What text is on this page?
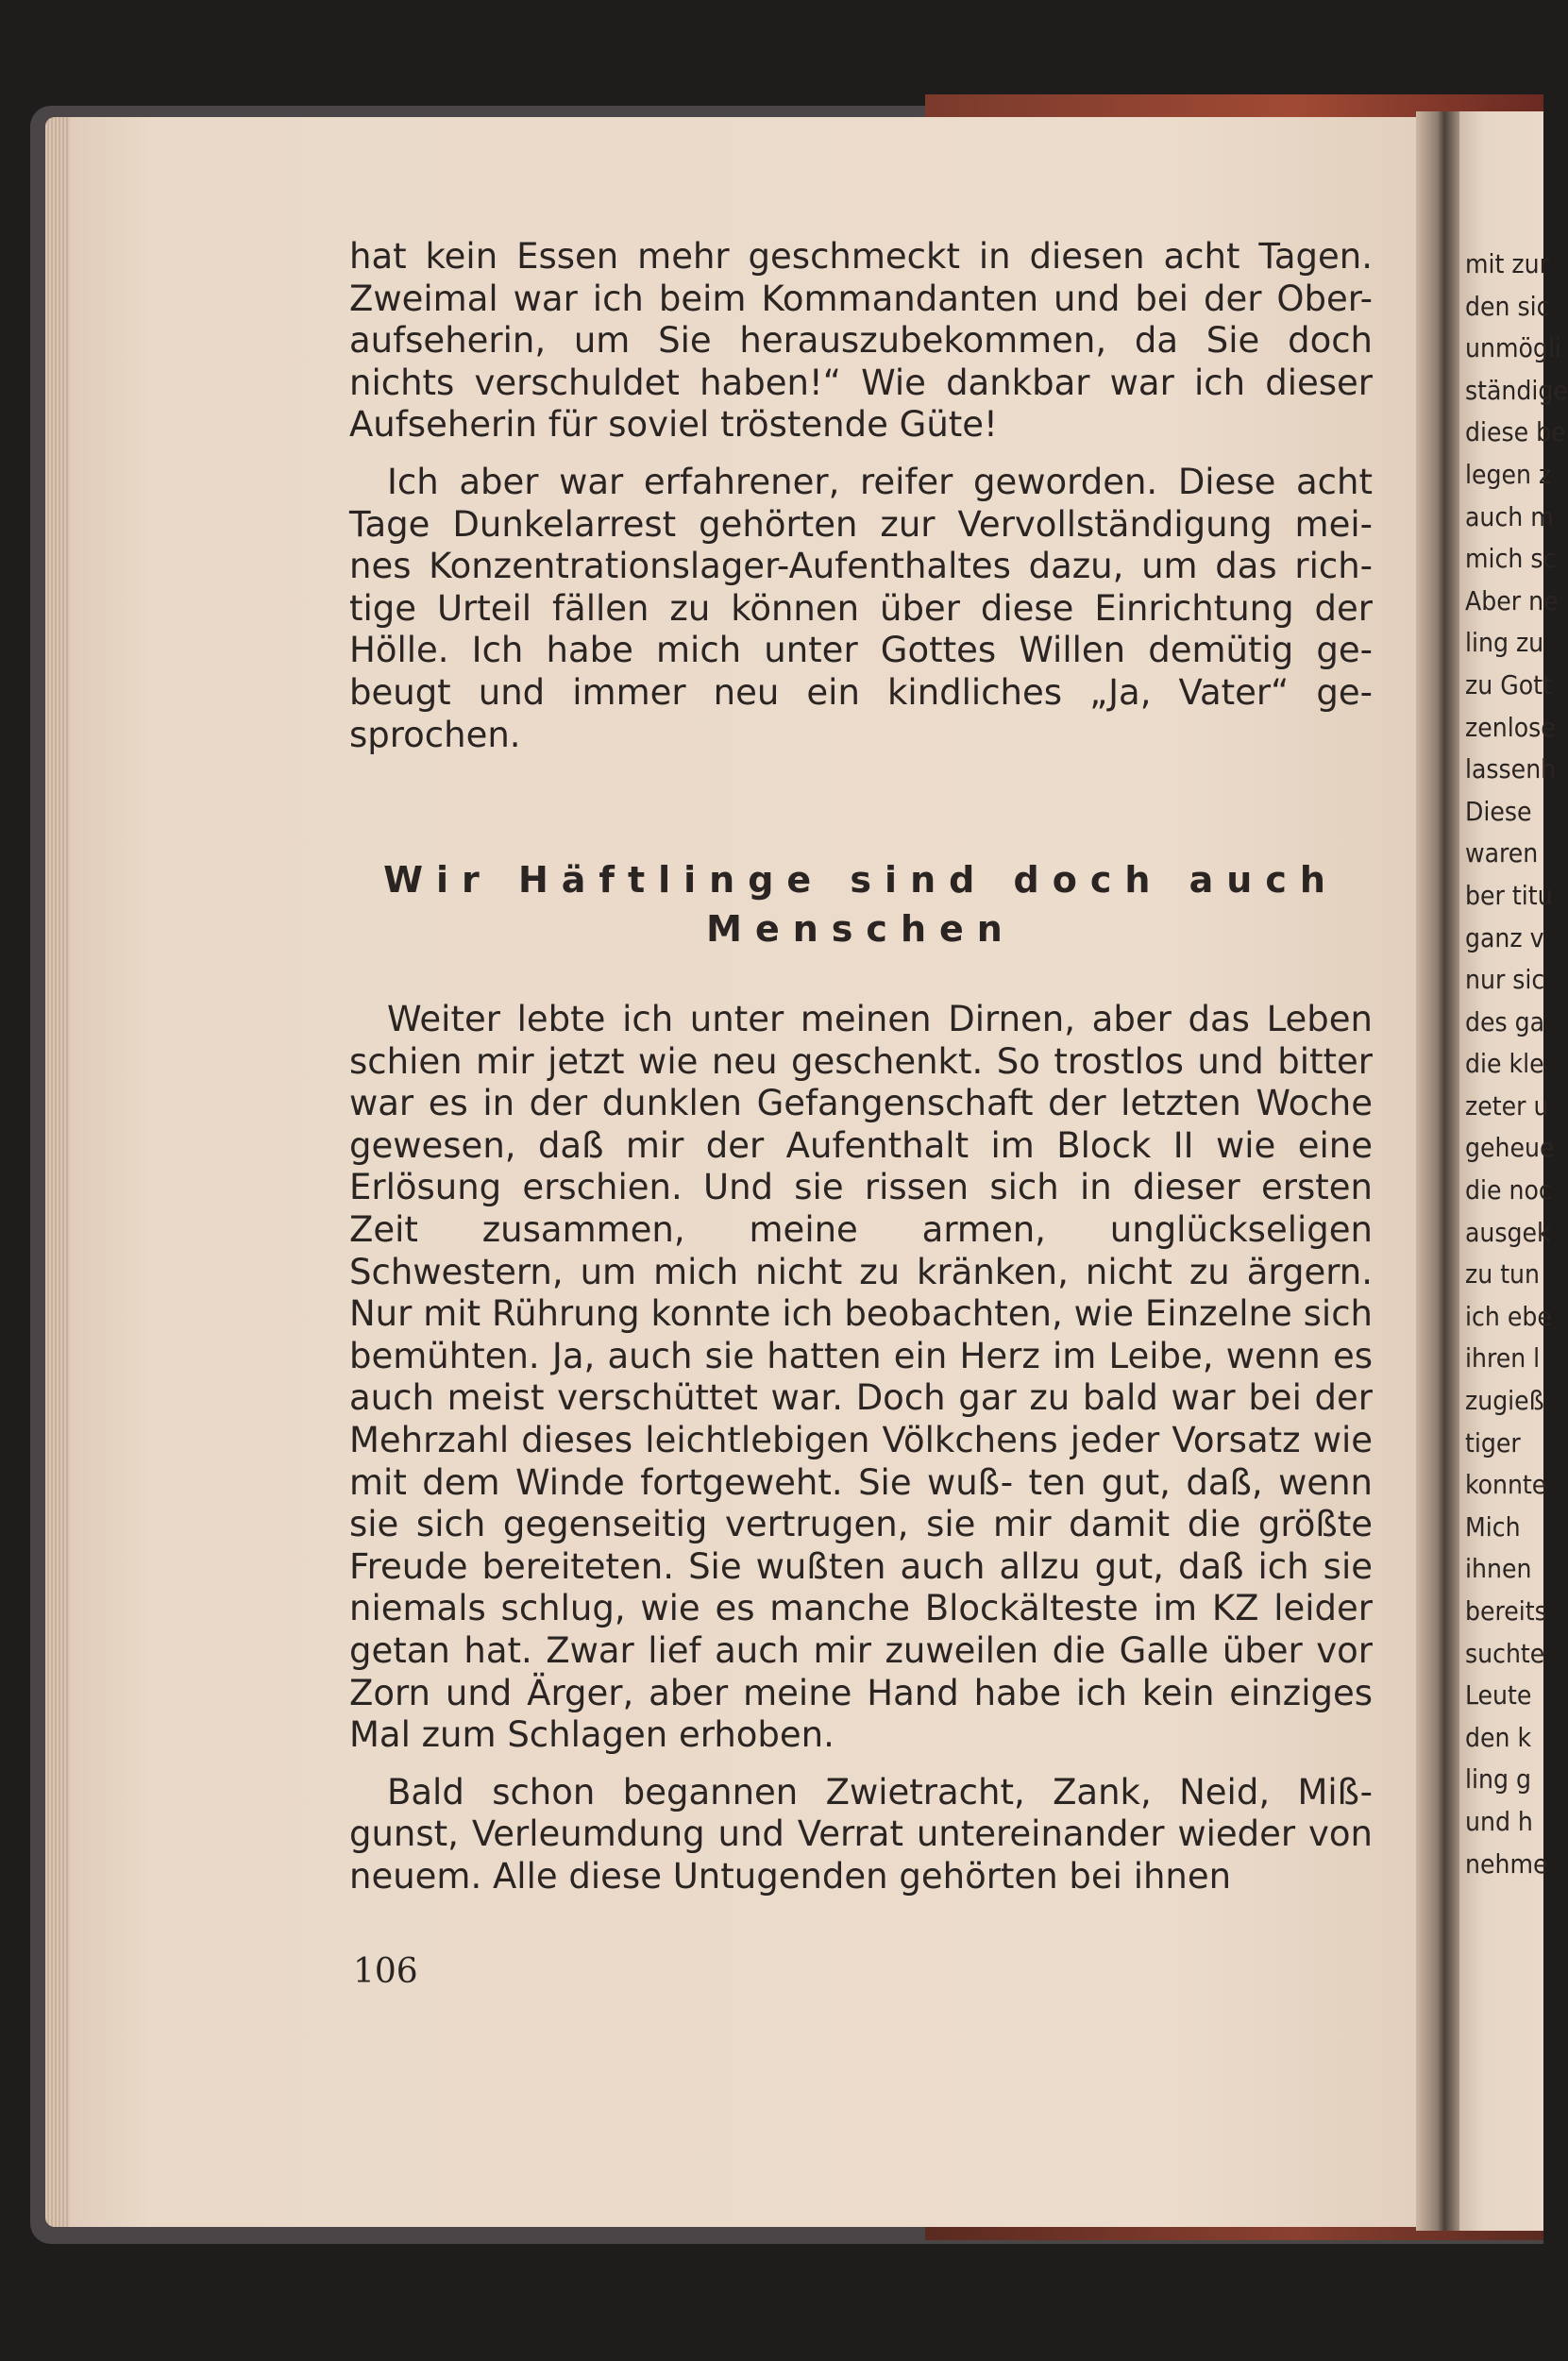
hat kein Essen mehr geschmeckt in diesen acht Tagen. Zweimal war ich beim Kommandanten und bei der Ober- aufseherin, um Sie herauszubekommen, da Sie doch nichts verschuldet haben!“ Wie dankbar war ich dieser Aufseherin für soviel tröstende Güte!

Ich aber war erfahrener, reifer geworden. Diese acht Tage Dunkelarrest gehörten zur Vervollständigung mei- nes Konzentrationslager-Aufenthaltes dazu, um das rich- tige Urteil fällen zu können über diese Einrichtung der Hölle. Ich habe mich unter Gottes Willen demütig ge- beugt und immer neu ein kindliches „Ja, Vater“ ge- sprochen.

Wir Häftlinge sind doch auch
Menschen

Weiter lebte ich unter meinen Dirnen, aber das Leben schien mir jetzt wie neu geschenkt. So trostlos und bitter war es in der dunklen Gefangenschaft der letzten Woche gewesen, daß mir der Aufenthalt im Block II wie eine Erlösung erschien. Und sie rissen sich in dieser ersten Zeit zusammen, meine armen, unglückseligen Schwestern, um mich nicht zu kränken, nicht zu ärgern. Nur mit Rührung konnte ich beobachten, wie Einzelne sich bemühten. Ja, auch sie hatten ein Herz im Leibe, wenn es auch meist verschüttet war. Doch gar zu bald war bei der Mehrzahl dieses leichtlebigen Völkchens jeder Vorsatz wie mit dem Winde fortgeweht. Sie wuß- ten gut, daß, wenn sie sich gegenseitig vertrugen, sie mir damit die größte Freude bereiteten. Sie wußten auch allzu gut, daß ich sie niemals schlug, wie es manche Blockälteste im KZ leider getan hat. Zwar lief auch mir zuweilen die Galle über vor Zorn und Ärger, aber meine Hand habe ich kein einziges Mal zum Schlagen erhoben.

Bald schon begannen Zwietracht, Zank, Neid, Miß- gunst, Verleumdung und Verrat untereinander wieder von neuem. Alle diese Untugenden gehörten bei ihnen

106
mit zur
den sic
unmögli
ständige
diese be
legen z
auch m
mich sc
Aber ne
ling zu
zu Gott
zenlose
lassenh
Diese
waren
ber titu
ganz v
nur sic
des ga
die kle
zeter u
geheue
die noc
ausgek
zu tun
ich ebe
ihren l
zugieß
tiger
konnte
Mich
ihnen
bereits
suchte
Leute
den k
ling g
und h
nehme
